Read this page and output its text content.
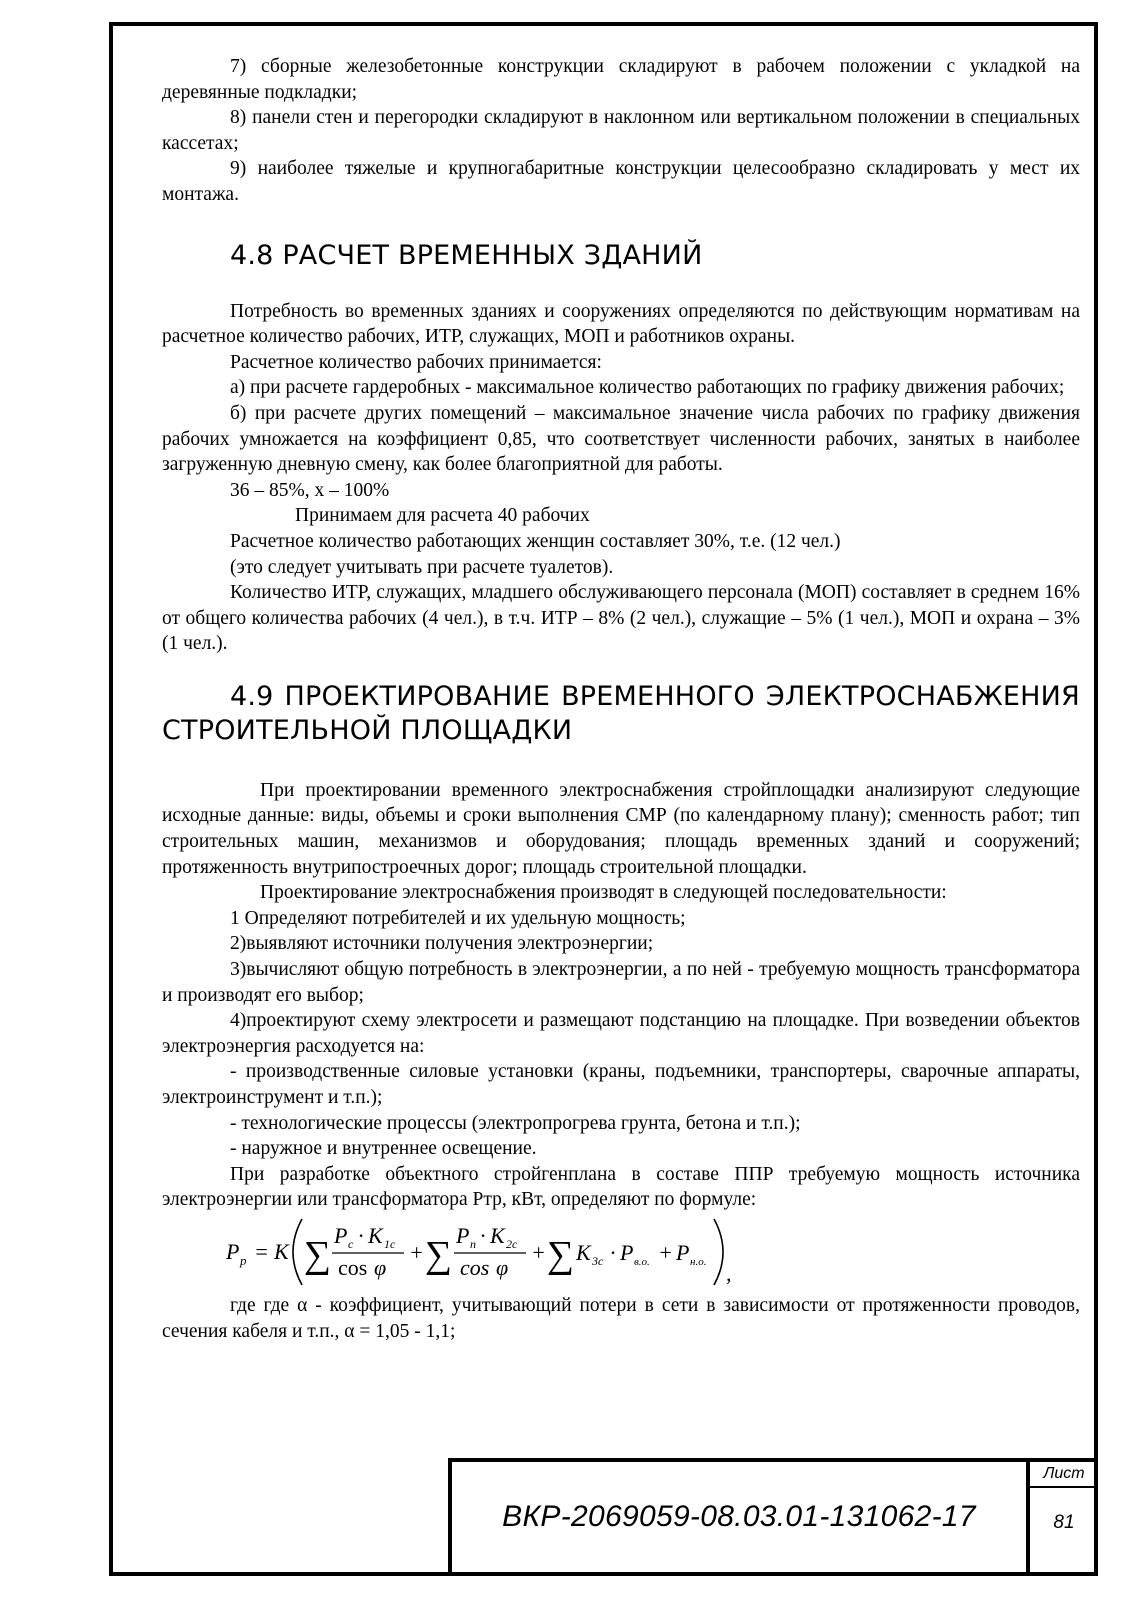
7) сборные железобетонные конструкции складируют в рабочем положении с укладкой на деревянные подкладки;

8) панели стен и перегородки складируют в наклонном или вертикальном положении в специальных кассетах;

9) наиболее тяжелые и крупногабаритные конструкции целесообразно складировать у мест их монтажа.

4.8 РАСЧЕТ ВРЕМЕННЫХ ЗДАНИЙ

Потребность во временных зданиях и сооружениях определяются по действующим нормативам на расчетное количество рабочих, ИТР, служащих, МОП и работников охраны.

Расчетное количество рабочих принимается:

а) при расчете гардеробных - максимальное количество работающих по графику движения рабочих;

б) при расчете других помещений – максимальное значение числа рабочих по графику движения рабочих умножается на коэффициент 0,85, что соответствует численности рабочих, занятых в наиболее загруженную дневную смену, как более благоприятной для работы.

36 – 85%, x – 100%

Принимаем для расчета 40 рабочих

Расчетное количество работающих женщин составляет 30%, т.е. (12 чел.)

(это следует учитывать при расчете туалетов).

Количество ИТР, служащих, младшего обслуживающего персонала (МОП) составляет в среднем 16% от общего количества рабочих (4 чел.), в т.ч. ИТР – 8% (2 чел.), служащие – 5% (1 чел.), МОП и охрана – 3%(1 чел.).

4.9 ПРОЕКТИРОВАНИЕ ВРЕМЕННОГО ЭЛЕКТРОСНАБЖЕНИЯ СТРОИТЕЛЬНОЙ ПЛОЩАДКИ

При проектировании временного электроснабжения стройплощадки анализируют следующие исходные данные: виды, объемы и сроки выполнения СМР (по календарному плану); сменность работ; тип строительных машин, механизмов и оборудования; площадь временных зданий и сооружений; протяженность внутрипостроечных дорог; площадь строительной площадки.

Проектирование электроснабжения производят в следующей последовательности:

1 Определяют потребителей и их удельную мощность;

2)выявляют источники получения электроэнергии;

3)вычисляют общую потребность в электроэнергии, а по ней - требуемую мощность трансформатора и производят его выбор;

4)проектируют схему электросети и размещают подстанцию на площадке. При возведении объектов электроэнергия расходуется на:

- производственные силовые установки (краны, подъемники, транспортеры, сварочные аппараты, электроинструмент и т.п.);

- технологические процессы (электропрогрева грунта, бетона и т.п.);

- наружное и внутреннее освещение.

При разработке объектного стройгенплана в составе ППР требуемую мощность источника электроэнергии или трансформатора Ртр, кВт, определяют по формуле:

P р = K ∑ P c · K 1c
cos φ
+ ∑ P п · K 2c
cos φ
+ ∑ K 3c · P в.о. + P н.о. ,

где где α - коэффициент, учитывающий потери в сети в зависимости от протяженности проводов, сечения кабеля и т.п., α = 1,05 - 1,1;

ВКР-2069059-08.03.01-131062-17
Лист
81
